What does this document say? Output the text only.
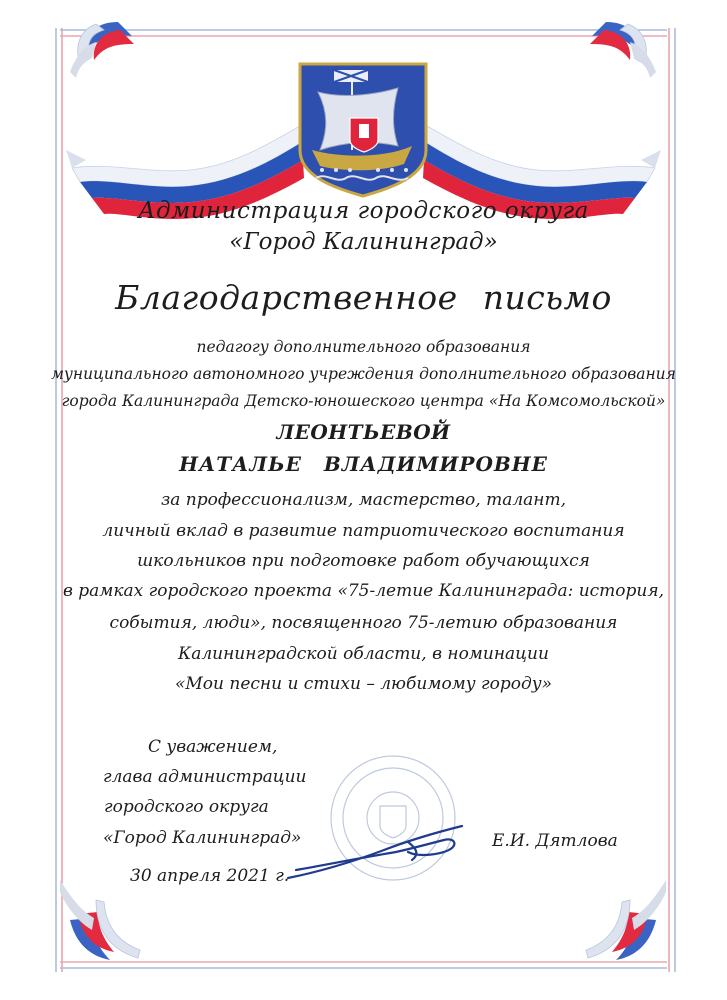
Администрация городского округа
«Город Калининград»
Благодарственное письмо
педагогу дополнительного образования
муниципального автономного учреждения дополнительного образования
города Калининграда Детско-юношеского центра «На Комсомольской»
ЛЕОНТЬЕВОЙ
НАТАЛЬЕ ВЛАДИМИРОВНЕ
за профессионализм, мастерство, талант,
личный вклад в развитие патриотического воспитания
школьников при подготовке работ обучающихся
в рамках городского проекта «75-летие Калининграда: история,
события, люди», посвященного 75-летию образования
Калининградской области, в номинации
«Мои песни и стихи – любимому городу»
С уважением,
глава администрации
городского округа
«Город Калининград»
30 апреля 2021 г.
Е.И. Дятлова
